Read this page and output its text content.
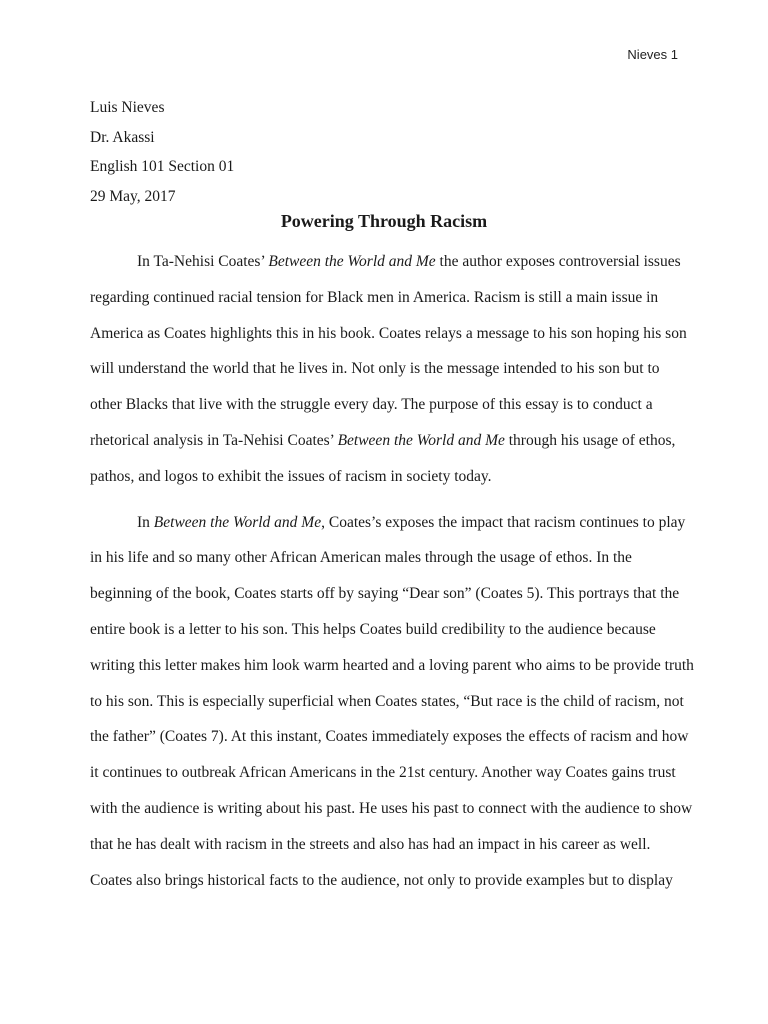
Nieves 1
Luis Nieves
Dr. Akassi
English 101 Section 01
29 May, 2017
Powering Through Racism
In Ta-Nehisi Coates’ Between the World and Me the author exposes controversial issues
regarding continued racial tension for Black men in America. Racism is still a main issue in
America as Coates highlights this in his book. Coates relays a message to his son hoping his son
will understand the world that he lives in. Not only is the message intended to his son but to
other Blacks that live with the struggle every day. The purpose of this essay is to conduct a
rhetorical analysis in Ta-Nehisi Coates’ Between the World and Me through his usage of ethos,
pathos, and logos to exhibit the issues of racism in society today.
In Between the World and Me, Coates’s exposes the impact that racism continues to play
in his life and so many other African American males through the usage of ethos. In the
beginning of the book, Coates starts off by saying “Dear son” (Coates 5). This portrays that the
entire book is a letter to his son. This helps Coates build credibility to the audience because
writing this letter makes him look warm hearted and a loving parent who aims to be provide truth
to his son. This is especially superficial when Coates states, “But race is the child of racism, not
the father” (Coates 7). At this instant, Coates immediately exposes the effects of racism and how
it continues to outbreak African Americans in the 21st century. Another way Coates gains trust
with the audience is writing about his past. He uses his past to connect with the audience to show
that he has dealt with racism in the streets and also has had an impact in his career as well.
Coates also brings historical facts to the audience, not only to provide examples but to display
